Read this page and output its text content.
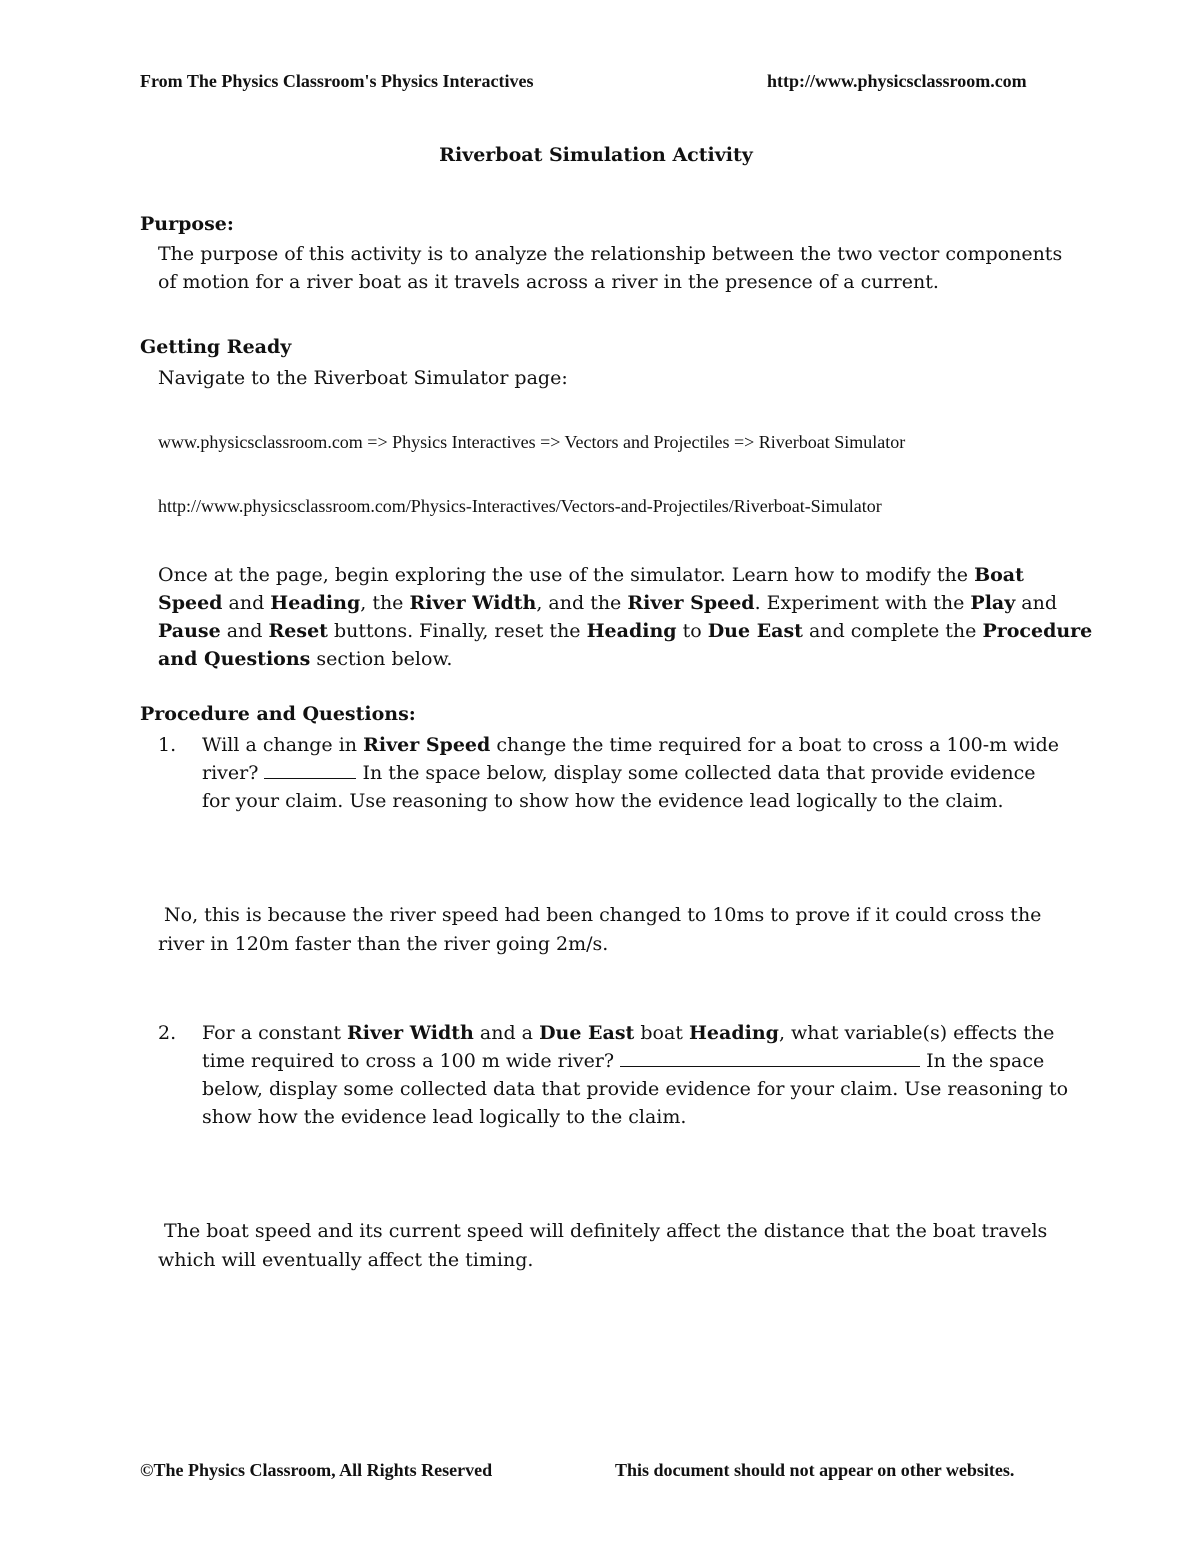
From The Physics Classroom's Physics Interactives	http://www.physicsclassroom.com
Riverboat Simulation Activity
Purpose:
The purpose of this activity is to analyze the relationship between the two vector components
of motion for a river boat as it travels across a river in the presence of a current.
Getting Ready
Navigate to the Riverboat Simulator page:
www.physicsclassroom.com => Physics Interactives => Vectors and Projectiles => Riverboat Simulator
http://www.physicsclassroom.com/Physics-Interactives/Vectors-and-Projectiles/Riverboat-Simulator
Once at the page, begin exploring the use of the simulator. Learn how to modify the Boat
Speed and Heading, the River Width, and the River Speed. Experiment with the Play and
Pause and Reset buttons. Finally, reset the Heading to Due East and complete the Procedure
and Questions section below.
Procedure and Questions:
1. Will a change in River Speed change the time required for a boat to cross a 100-m wide
river?	In the space below, display some collected data that provide evidence
for your claim. Use reasoning to show how the evidence lead logically to the claim.
No, this is because the river speed had been changed to 10ms to prove if it could cross the
river in 120m faster than the river going 2m/s.
2. For a constant River Width and a Due East boat Heading, what variable(s) effects the
time required to cross a 100 m wide river?	In the space
below, display some collected data that provide evidence for your claim. Use reasoning to
show how the evidence lead logically to the claim.
The boat speed and its current speed will definitely affect the distance that the boat travels
which will eventually affect the timing.
©The Physics Classroom, All Rights Reserved	This document should not appear on other websites.
